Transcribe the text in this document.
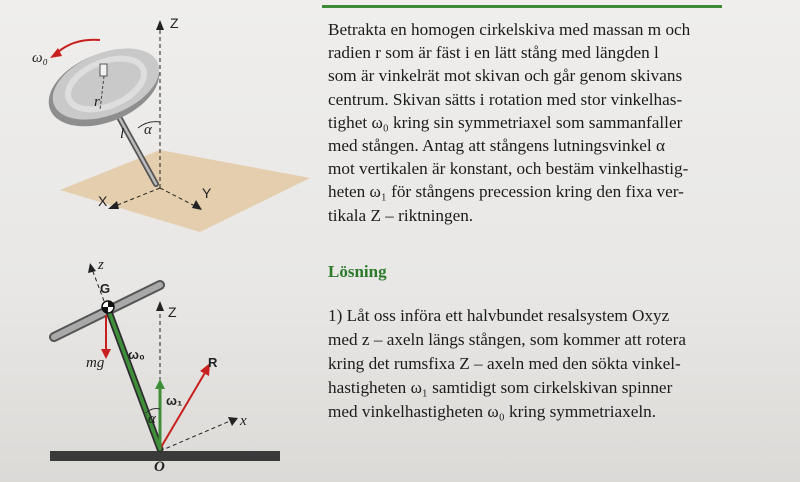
Z
X	Y
r
ω₀
l α
Z
x
z
G
mg
ω₀
R
ω₁
α
O
Betrakta en homogen cirkelskiva med massan m och
radien r som är fäst i en lätt stång med längden l
som är vinkelrät mot skivan och går genom skivans
centrum. Skivan sätts i rotation med stor vinkelhas-
tighet ω₀ kring sin symmetriaxel som sammanfaller
med stången. Antag att stångens lutningsvinkel α
mot vertikalen är konstant, och bestäm vinkelhastig-
heten ω₁ för stångens precession kring den fixa ver-
tikala Z – riktningen.
Lösning
1) Låt oss införa ett halvbundet resalsystem Oxyz
med z – axeln längs stången, som kommer att rotera
kring det rumsfixa Z – axeln med den sökta vinkel-
hastigheten ω₁ samtidigt som cirkelskivan spinner
med vinkelhastigheten ω₀ kring symmetriaxeln.
